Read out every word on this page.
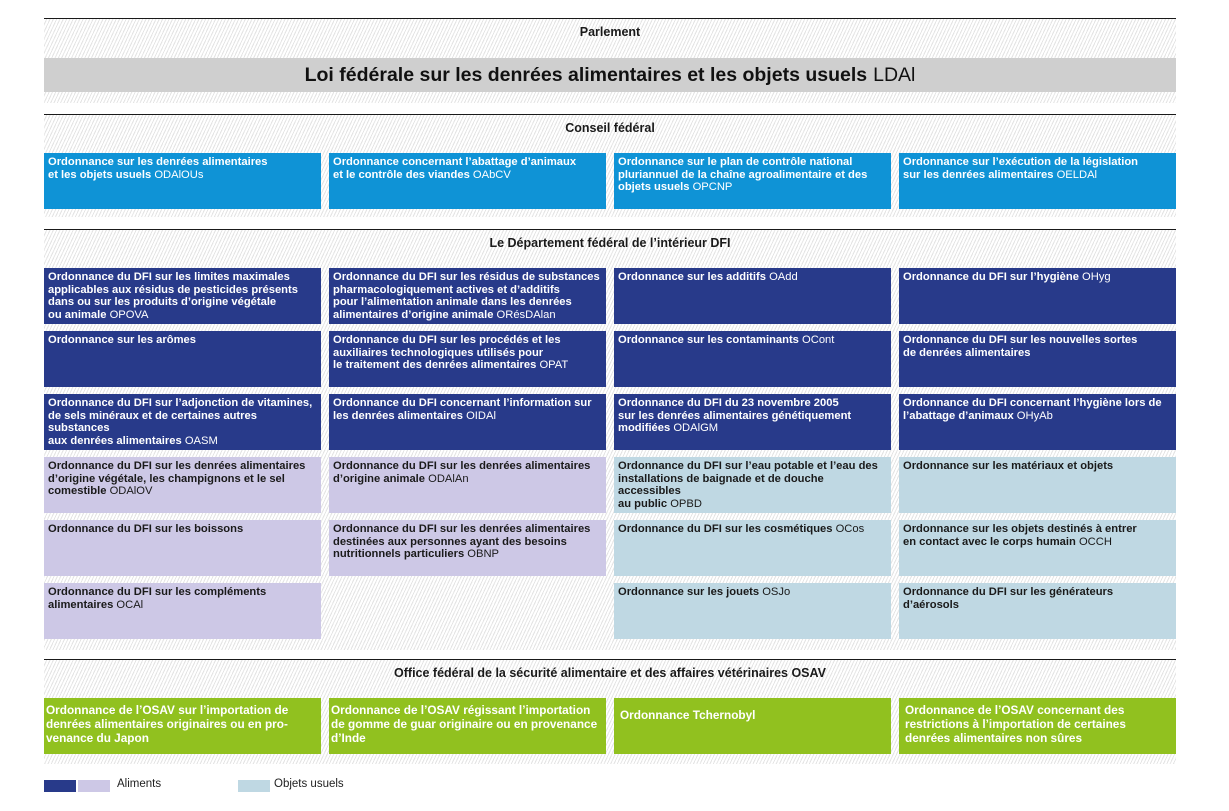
Parlement
Loi fédérale sur les denrées alimentaires et les objets usuels LDAl
Conseil fédéral
Ordonnance sur les denrées alimentaires
et les objets usuels ODAlOUs
Ordonnance concernant l’abattage d’animaux
et le contrôle des viandes OAbCV
Ordonnance sur le plan de contrôle national
pluriannuel de la chaîne agroalimentaire et des
objets usuels OPCNP
Ordonnance sur l’exécution de la législation
sur les denrées alimentaires OELDAl
Le Département fédéral de l’intérieur DFI
Ordonnance du DFI sur les limites maximales
applicables aux résidus de pesticides présents
dans ou sur les produits d’origine végétale
ou animale OPOVA
Ordonnance du DFI sur les résidus de substances
pharmacologiquement actives et d’additifs
pour l’alimentation animale dans les denrées
alimentaires d’origine animale ORésDAlan
Ordonnance sur les additifs OAdd	Ordonnance du DFI sur l’hygiène OHyg
Ordonnance sur les arômes	Ordonnance du DFI sur les procédés et les
auxiliaires technologiques utilisés pour
le traitement des denrées alimentaires OPAT
Ordonnance sur les contaminants OCont	Ordonnance du DFI sur les nouvelles sortes
de denrées alimentaires
Ordonnance du DFI sur l’adjonction de vitamines,
de sels minéraux et de certaines autres substances
aux denrées alimentaires OASM
Ordonnance du DFI concernant l’information sur
les denrées alimentaires OIDAl
Ordonnance du DFI du 23 novembre 2005
sur les denrées alimentaires génétiquement
modifiées ODAlGM
Ordonnance du DFI concernant l’hygiène lors de
l’abattage d’animaux OHyAb
Ordonnance du DFI sur les denrées alimentaires
d’origine végétale, les champignons et le sel
comestible ODAlOV
Ordonnance du DFI sur les denrées alimentaires
d’origine animale ODAlAn
Ordonnance du DFI sur l’eau potable et l’eau des
installations de baignade et de douche accessibles
au public OPBD
Ordonnance sur les matériaux et objets
Ordonnance du DFI sur les boissons	Ordonnance du DFI sur les denrées alimentaires
destinées aux personnes ayant des besoins
nutritionnels particuliers OBNP
Ordonnance du DFI sur les cosmétiques OCos	Ordonnance sur les objets destinés à entrer
en contact avec le corps humain OCCH
Ordonnance du DFI sur les compléments
alimentaires OCAl
Ordonnance sur les jouets OSJo	Ordonnance du DFI sur les générateurs
d’aérosols
Office fédéral de la sécurité alimentaire et des affaires vétérinaires OSAV
Ordonnance de l’OSAV sur l’importation de
denrées alimentaires originaires ou en pro-
venance du Japon
Ordonnance de l’OSAV régissant l’importation
de gomme de guar originaire ou en provenance
d’Inde
Ordonnance Tchernobyl	Ordonnance de l’OSAV concernant des
restrictions à l’importation de certaines
denrées alimentaires non sûres
Aliments	Objets usuels
